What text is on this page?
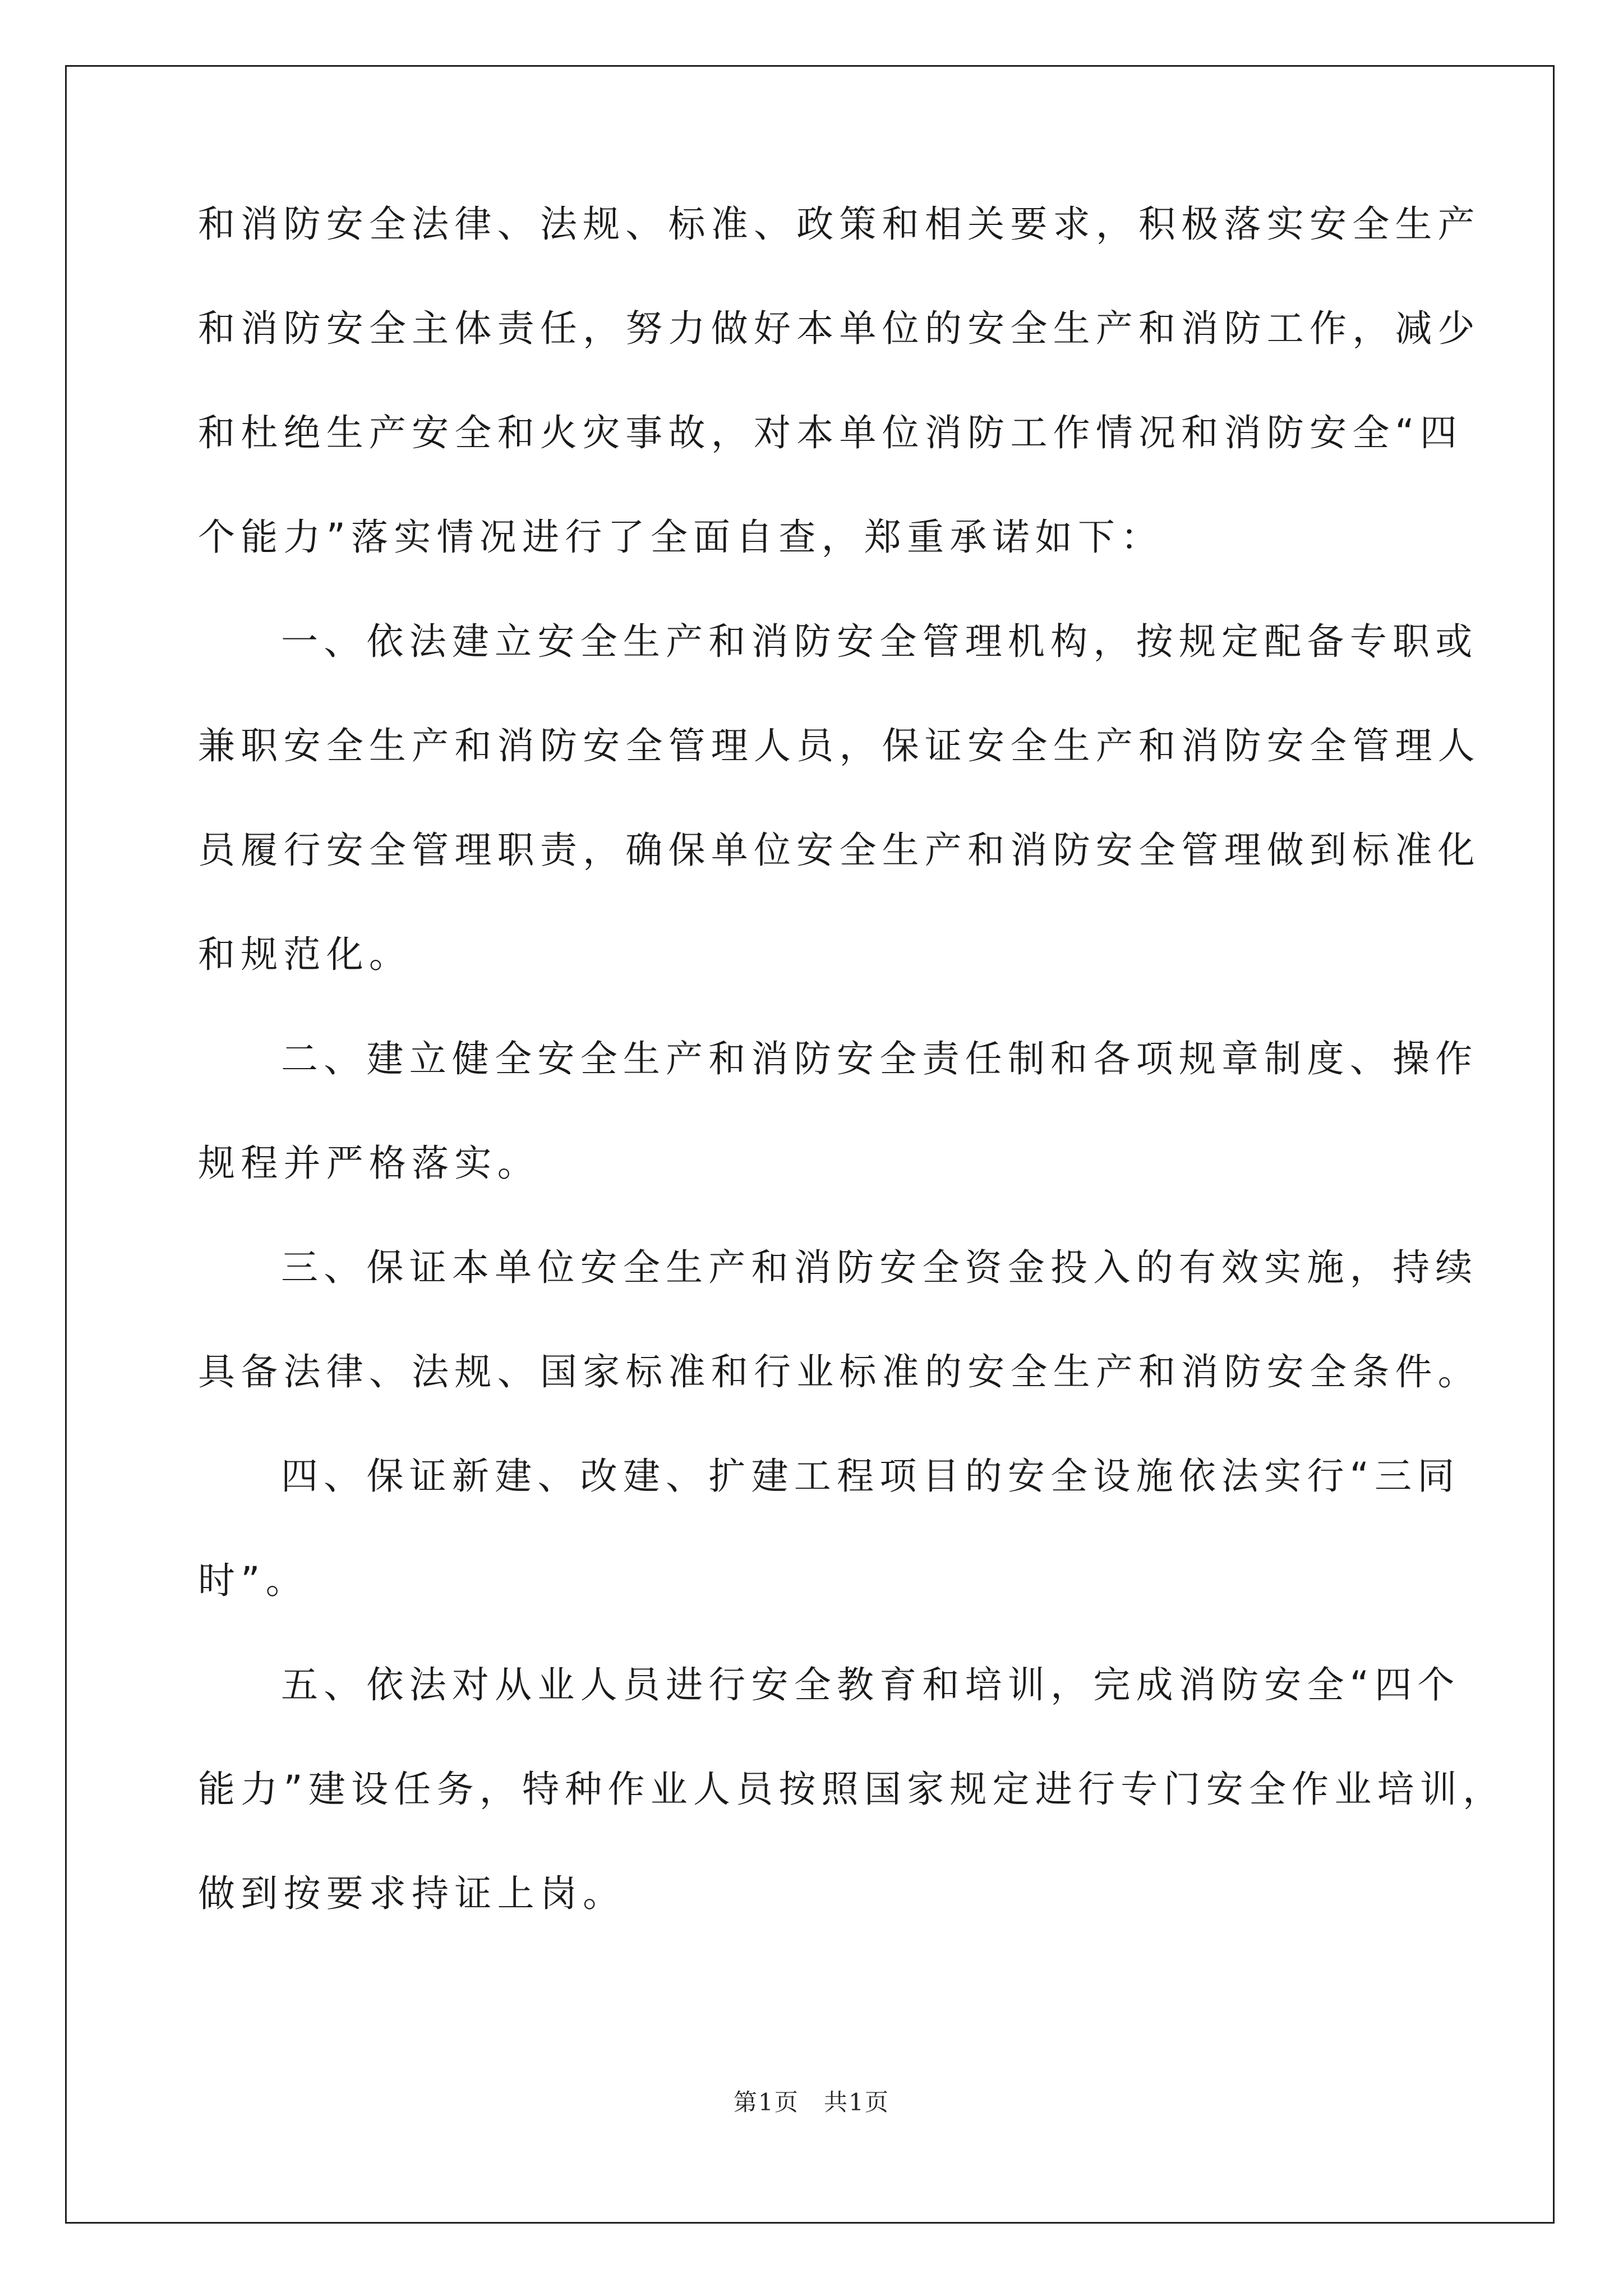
和消防安全法律、法规、标准、政策和相关要求，积极落实安全生产
和消防安全主体责任，努力做好本单位的安全生产和消防工作，减少
和杜绝生产安全和火灾事故，对本单位消防工作情况和消防安全“四
个能力”落实情况进行了全面自查，郑重承诺如下：
一、依法建立安全生产和消防安全管理机构，按规定配备专职或
兼职安全生产和消防安全管理人员，保证安全生产和消防安全管理人
员履行安全管理职责，确保单位安全生产和消防安全管理做到标准化
和规范化。
二、建立健全安全生产和消防安全责任制和各项规章制度、操作
规程并严格落实。
三、保证本单位安全生产和消防安全资金投入的有效实施，持续
具备法律、法规、国家标准和行业标准的安全生产和消防安全条件。
四、保证新建、改建、扩建工程项目的安全设施依法实行“三同
时”。
五、依法对从业人员进行安全教育和培训，完成消防安全“四个
能力”建设任务，特种作业人员按照国家规定进行专门安全作业培训，
做到按要求持证上岗。
第1页　共1页
